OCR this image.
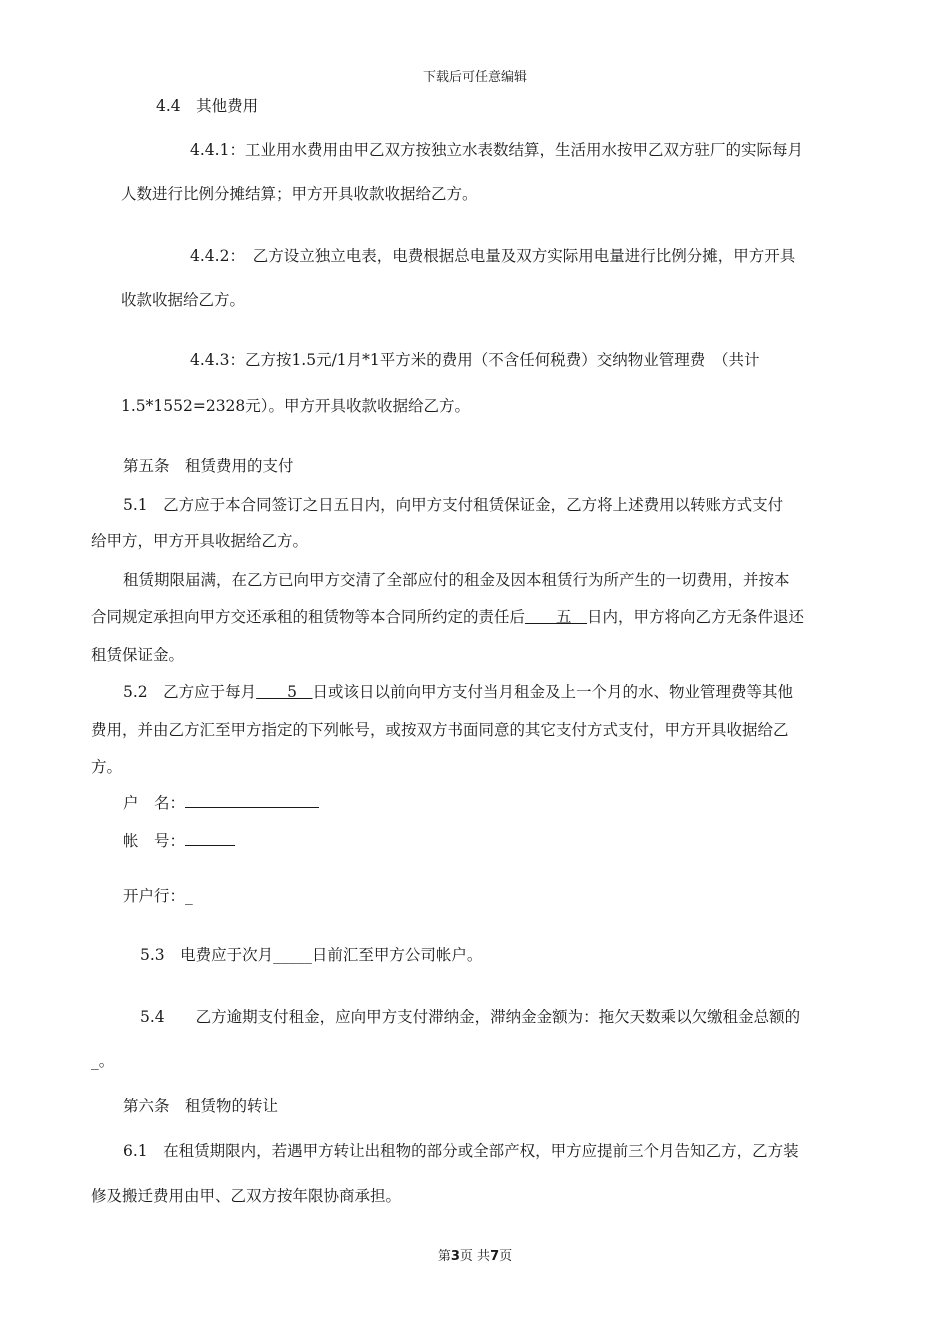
下载后可任意编辑
4.4　其他费用
4.4.1：工业用水费用由甲乙双方按独立水表数结算，生活用水按甲乙双方驻厂的实际每月
人数进行比例分摊结算；甲方开具收款收据给乙方。
4.4.2：　乙方设立独立电表，电费根据总电量及双方实际用电量进行比例分摊，甲方开具
收款收据给乙方。
4.4.3：乙方按1.5元/1月*1平方米的费用（不含任何税费）交纳物业管理费　（共计
1.5*1552=2328元）。甲方开具收款收据给乙方。
第五条　租赁费用的支付
5.1　乙方应于本合同签订之日五日内，向甲方支付租赁保证金，乙方将上述费用以转账方式支付
给甲方，甲方开具收据给乙方。
租赁期限届满，在乙方已向甲方交清了全部应付的租金及因本租赁行为所产生的一切费用，并按本
合同规定承担向甲方交还承租的租赁物等本合同所约定的责任后　　五　日内，甲方将向乙方无条件退还
租赁保证金。
5.2　乙方应于每月　　5　日或该日以前向甲方支付当月租金及上一个月的水、物业管理费等其他
费用，并由乙方汇至甲方指定的下列帐号，或按双方书面同意的其它支付方式支付，甲方开具收据给乙
方。
户　名：
帐　号：
开户行：_
5.3　电费应于次月_____日前汇至甲方公司帐户。
5.4　　乙方逾期支付租金，应向甲方支付滞纳金，滞纳金金额为：拖欠天数乘以欠缴租金总额的
_。
第六条　租赁物的转让
6.1　在租赁期限内，若遇甲方转让出租物的部分或全部产权，甲方应提前三个月告知乙方，乙方装
修及搬迁费用由甲、乙双方按年限协商承担。
第3页 共7页
